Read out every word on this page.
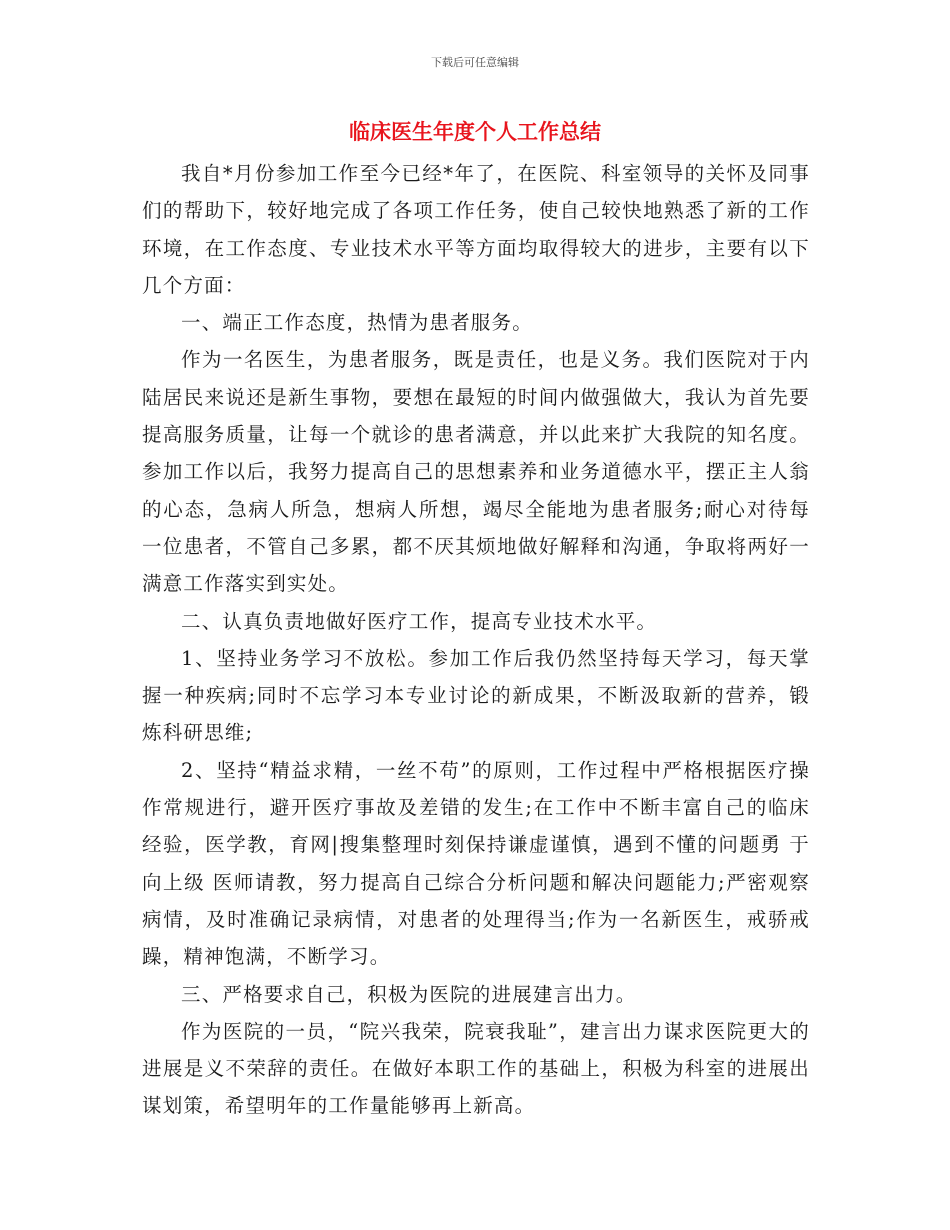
下载后可任意编辑
临床医生年度个人工作总结

我自*月份参加工作至今已经*年了，在医院、科室领导的关怀及同事们的帮助下，较好地完成了各项工作任务，使自己较快地熟悉了新的工作环境，在工作态度、专业技术水平等方面均取得较大的进步，主要有以下几个方面：

一、端正工作态度，热情为患者服务。

作为一名医生，为患者服务，既是责任，也是义务。我们医院对于内陆居民来说还是新生事物，要想在最短的时间内做强做大，我认为首先要提高服务质量，让每一个就诊的患者满意，并以此来扩大我院的知名度。参加工作以后，我努力提高自己的思想素养和业务道德水平，摆正主人翁的心态，急病人所急，想病人所想，竭尽全能地为患者服务;耐心对待每一位患者，不管自己多累，都不厌其烦地做好解释和沟通，争取将两好一满意工作落实到实处。

二、认真负责地做好医疗工作，提高专业技术水平。

1、坚持业务学习不放松。参加工作后我仍然坚持每天学习，每天掌握一种疾病;同时不忘学习本专业讨论的新成果，不断汲取新的营养，锻炼科研思维;

2、坚持“精益求精，一丝不苟”的原则，工作过程中严格根据医疗操作常规进行，避开医疗事故及差错的发生;在工作中不断丰富自己的临床经验，医学教，育网|搜集整理时刻保持谦虚谨慎，遇到不懂的问题勇 于向上级 医师请教，努力提高自己综合分析问题和解决问题能力;严密观察病情，及时准确记录病情，对患者的处理得当;作为一名新医生，戒骄戒躁，精神饱满，不断学习。

三、严格要求自己，积极为医院的进展建言出力。

作为医院的一员，“院兴我荣，院衰我耻”，建言出力谋求医院更大的进展是义不荣辞的责任。在做好本职工作的基础上，积极为科室的进展出谋划策，希望明年的工作量能够再上新高。
